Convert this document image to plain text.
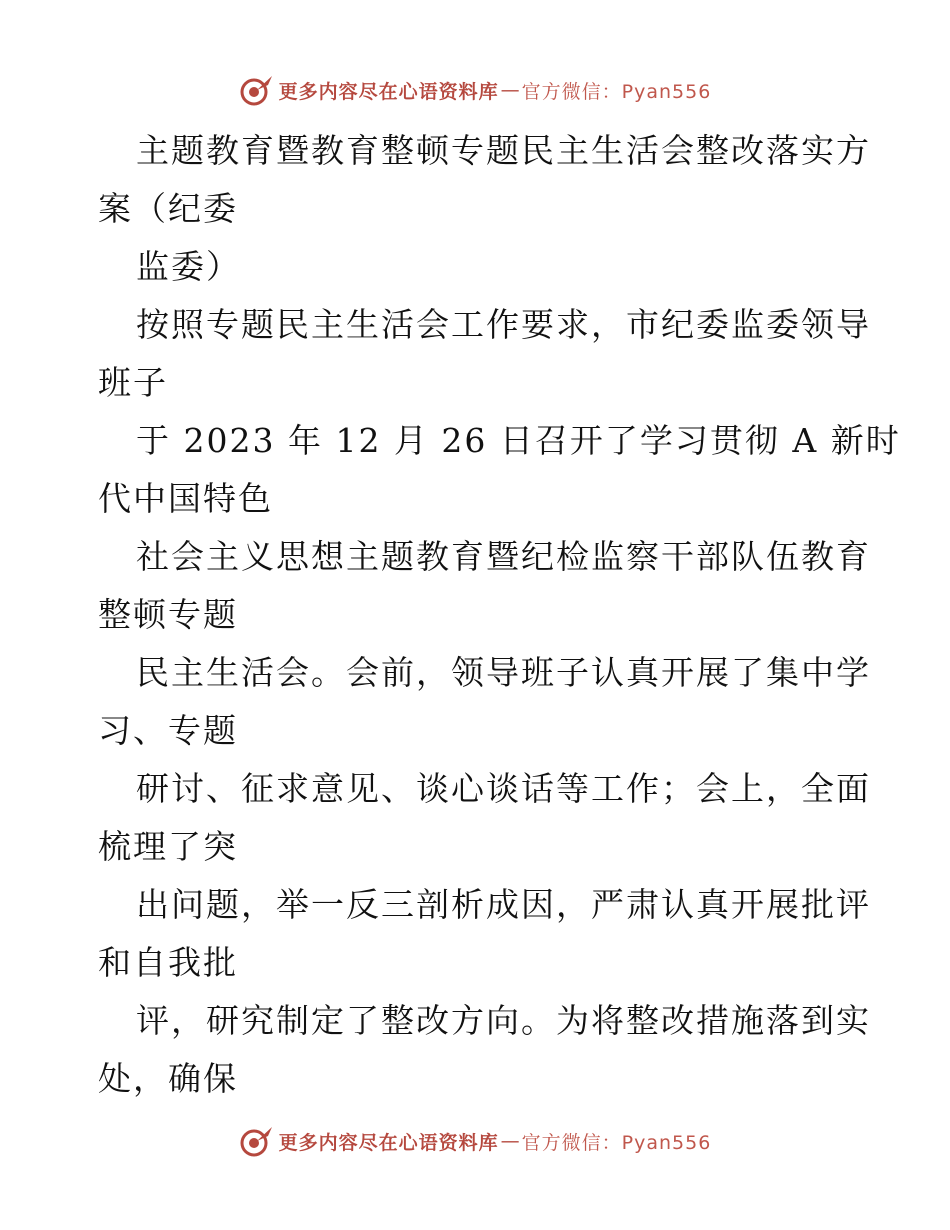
更多内容尽在心语资料库 — 官方微信：Pyan556
主题教育暨教育整顿专题民主生活会整改落实方
案（纪委
监委）
按照专题民主生活会工作要求，市纪委监委领导
班子
于 2023 年 12 月 26 日召开了学习贯彻 A 新时
代中国特色
社会主义思想主题教育暨纪检监察干部队伍教育
整顿专题
民主生活会。会前，领导班子认真开展了集中学
习、专题
研讨、征求意见、谈心谈话等工作；会上，全面
梳理了突
出问题，举一反三剖析成因，严肃认真开展批评
和自我批
评，研究制定了整改方向。为将整改措施落到实
处，确保
更多内容尽在心语资料库 — 官方微信：Pyan556
